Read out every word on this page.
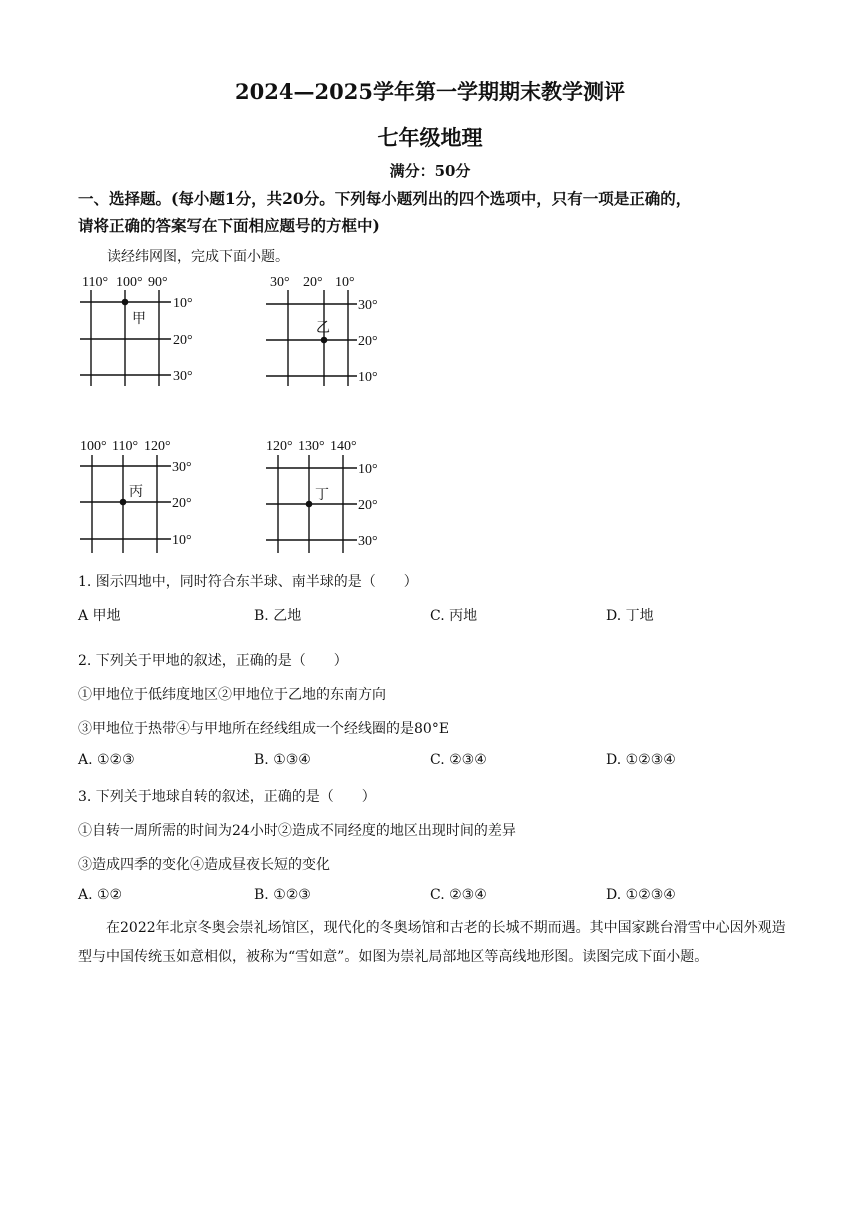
2024—2025学年第一学期期末教学测评
七年级地理
满分：50分
一、选择题。(每小题1分，共20分。下列每小题列出的四个选项中，只有一项是正确的，
请将正确的答案写在下面相应题号的方框中)
读经纬网图，完成下面小题。
110° 100° 90°
10°
20°
30°
甲
30° 20° 10°
30°
20°
10°
乙
100° 110° 120°
30°
20°
10°
丙
120° 130° 140°
10°
20°
30°
丁
1. 图示四地中，同时符合东半球、南半球的是（　　）
A 甲地	B. 乙地	C. 丙地	D. 丁地
2. 下列关于甲地的叙述，正确的是（　　）
①甲地位于低纬度地区②甲地位于乙地的东南方向
③甲地位于热带④与甲地所在经线组成一个经线圈的是80°E
A. ①②③	B. ①③④	C. ②③④	D. ①②③④
3. 下列关于地球自转的叙述，正确的是（　　）
①自转一周所需的时间为24小时②造成不同经度的地区出现时间的差异
③造成四季的变化④造成昼夜长短的变化
A. ①②	B. ①②③	C. ②③④	D. ①②③④
在2022年北京冬奥会崇礼场馆区，现代化的冬奥场馆和古老的长城不期而遇。其中国家跳台滑雪中心因外观造型与中国传统玉如意相似，被称为“雪如意”。如图为崇礼局部地区等高线地形图。读图完成下面小题。
